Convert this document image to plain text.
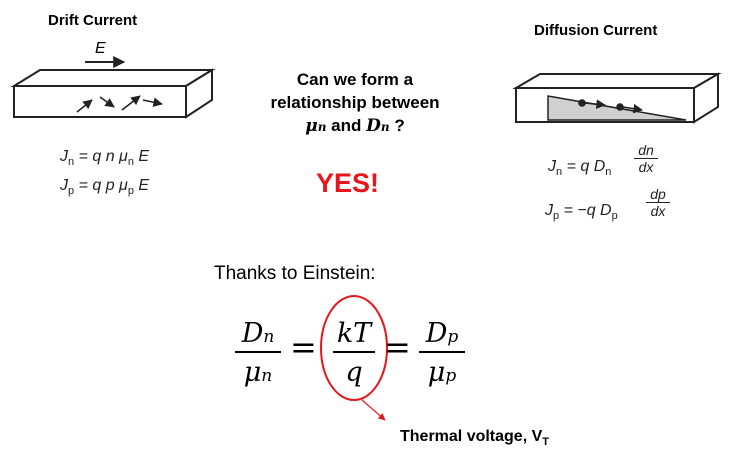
Drift Current
E
$J_n = q$ n $\mu_n$ E
$J_p = q$ p $\mu_p$ E
Can we form a
relationship between
μn and Dn ?
YES!
Diffusion Current
$J_n = q$ $D_n$
dn
dx
$J_p = -q$ $D_p$
dp
dx
Thanks to Einstein:
Dn
μn
= kT
q
= Dp
μp
Thermal voltage, $V_T$
